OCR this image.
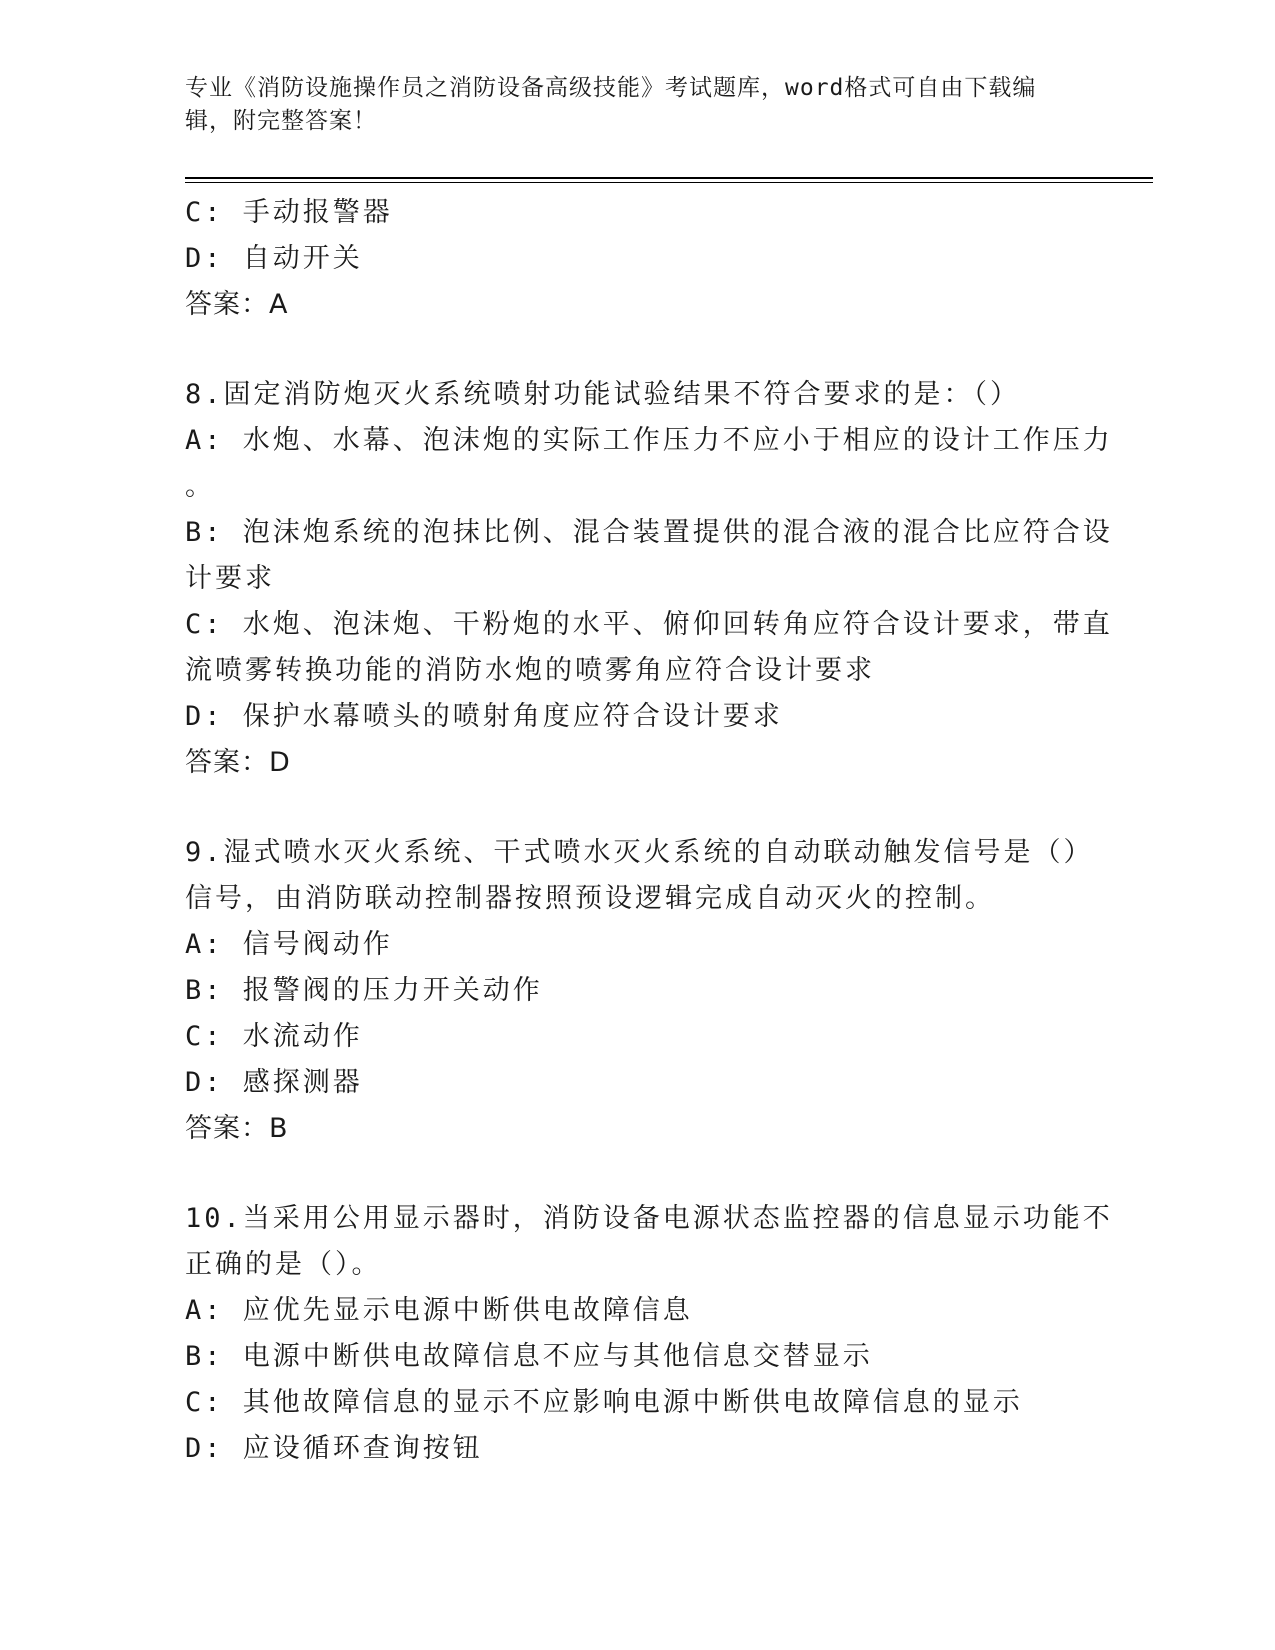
专业《消防设施操作员之消防设备高级技能》考试题库，word格式可自由下载编
辑，附完整答案！
C: 手动报警器
D: 自动开关
答案：A
8.固定消防炮灭火系统喷射功能试验结果不符合要求的是：（）
A: 水炮、水幕、泡沫炮的实际工作压力不应小于相应的设计工作压力
。
B: 泡沫炮系统的泡抹比例、混合装置提供的混合液的混合比应符合设
计要求
C: 水炮、泡沫炮、干粉炮的水平、俯仰回转角应符合设计要求，带直
流喷雾转换功能的消防水炮的喷雾角应符合设计要求
D: 保护水幕喷头的喷射角度应符合设计要求
答案：D
9.湿式喷水灭火系统、干式喷水灭火系统的自动联动触发信号是（）
信号，由消防联动控制器按照预设逻辑完成自动灭火的控制。
A: 信号阀动作
B: 报警阀的压力开关动作
C: 水流动作
D: 感探测器
答案：B
10.当采用公用显示器时，消防设备电源状态监控器的信息显示功能不
正确的是（）。
A: 应优先显示电源中断供电故障信息
B: 电源中断供电故障信息不应与其他信息交替显示
C: 其他故障信息的显示不应影响电源中断供电故障信息的显示
D: 应设循环查询按钮
